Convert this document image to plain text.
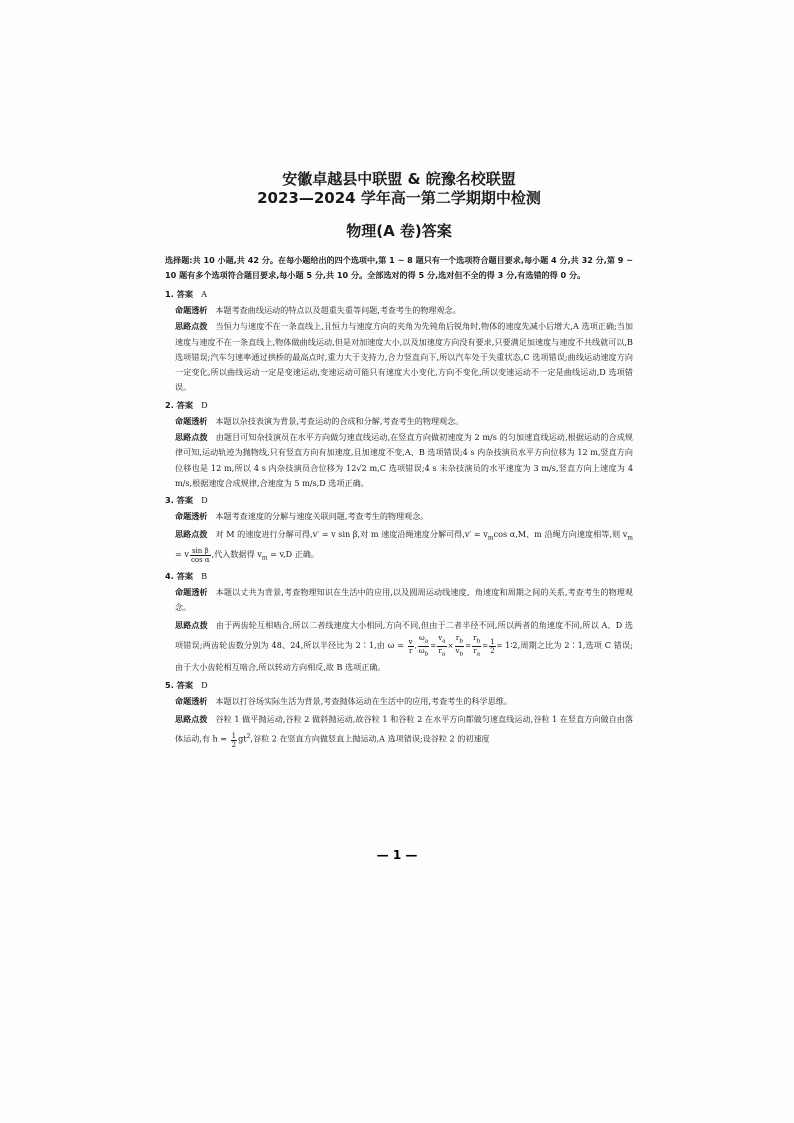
安徽卓越县中联盟 & 皖豫名校联盟

2023—2024 学年高一第二学期期中检测

物理(A 卷)答案

选择题:共 10 小题,共 42 分。在每小题给出的四个选项中,第 1 ~ 8 题只有一个选项符合题目要求,每小题 4 分,共 32 分,第 9 ~ 10 题有多个选项符合题目要求,每小题 5 分,共 10 分。全部选对的得 5 分,选对但不全的得 3 分,有选错的得 0 分。

1. 答案 A

命题透析 本题考查曲线运动的特点以及超重失重等问题,考查考生的物理观念。

思路点拨 当恒力与速度不在一条直线上,且恒力与速度方向的夹角为先钝角后锐角时,物体的速度先减小后增大,A 选项正确;当加速度与速度不在一条直线上,物体做曲线运动,但是对加速度大小,以及加速度方向没有要求,只要满足加速度与速度不共线就可以,B 选项错误;汽车匀速率通过拱桥的最高点时,重力大于支持力,合力竖直向下,所以汽车处于失重状态,C 选项错误;曲线运动速度方向一定变化,所以曲线运动一定是变速运动,变速运动可能只有速度大小变化,方向不变化,所以变速运动不一定是曲线运动,D 选项错误。

2. 答案 D

命题透析 本题以杂技表演为背景,考查运动的合成和分解,考查考生的物理观念。

思路点拨 由题目可知杂技演员在水平方向做匀速直线运动,在竖直方向做初速度为 2 m/s 的匀加速直线运动,根据运动的合成规律可知,运动轨迹为抛物线,只有竖直方向有加速度,且加速度不变,A、B 选项错误;4 s 内杂技演员水平方向位移为 12 m,竖直方向位移也是 12 m,所以 4 s 内杂技演员合位移为 12√2 m,C 选项错误;4 s 末杂技演员的水平速度为 3 m/s,竖直方向上速度为 4 m/s,根据速度合成规律,合速度为 5 m/s,D 选项正确。

3. 答案 D

命题透析 本题考查速度的分解与速度关联问题,考查考生的物理观念。

思路点拨 对 M 的速度进行分解可得,v′ = v sin β,对 m 速度沿绳速度分解可得$,v' = v_m\cos$ α,M、m 沿绳方向速度相等,则 $v_m = v \frac{\text{sin β}}{\text{cos α}}$ ,代入数据得 $v_m = v,D$ 正确。

4. 答案 B

命题透析 本题以丈共为背景,考查物理知识在生活中的应用,以及圆周运动线速度、角速度和周期之间的关系,考查考生的物理观念。

思路点拨 由于两齿轮互相啮合,所以二者线速度大小相同,方向不同,但由于二者半径不同,所以两者的角速度不同,所以 A、D 选项错误;两齿轮齿数分别为 48、24,所以半径比为 2∶1,由 $\omega = \frac{v}{r}$ , $\frac{\omega_a}{\omega_b} = \frac{v_a}{r_a} \times \frac{r_b}{v_b} = \frac{r_b}{r_a} = \frac{1}{2}$ = 1∶2,周期之比为 2∶1,选项 C 错误;由于大小齿轮相互啮合,所以转动方向相反,故 B 选项正确。

5. 答案 D

命题透析 本题以打谷场实际生活为背景,考查抛体运动在生活中的应用,考查考生的科学思维。

思路点拨 谷粒 1 做平抛运动,谷粒 2 做斜抛运动,故谷粒 1 和谷粒 2 在水平方向都做匀速直线运动,谷粒 1 在竖直方向做自由落体运动,有 $h = \frac{1}{2} gt^2$,谷粒 2 在竖直方向做竖直上抛运动,A 选项错误;设谷粒 2 的初速度

— 1 —
